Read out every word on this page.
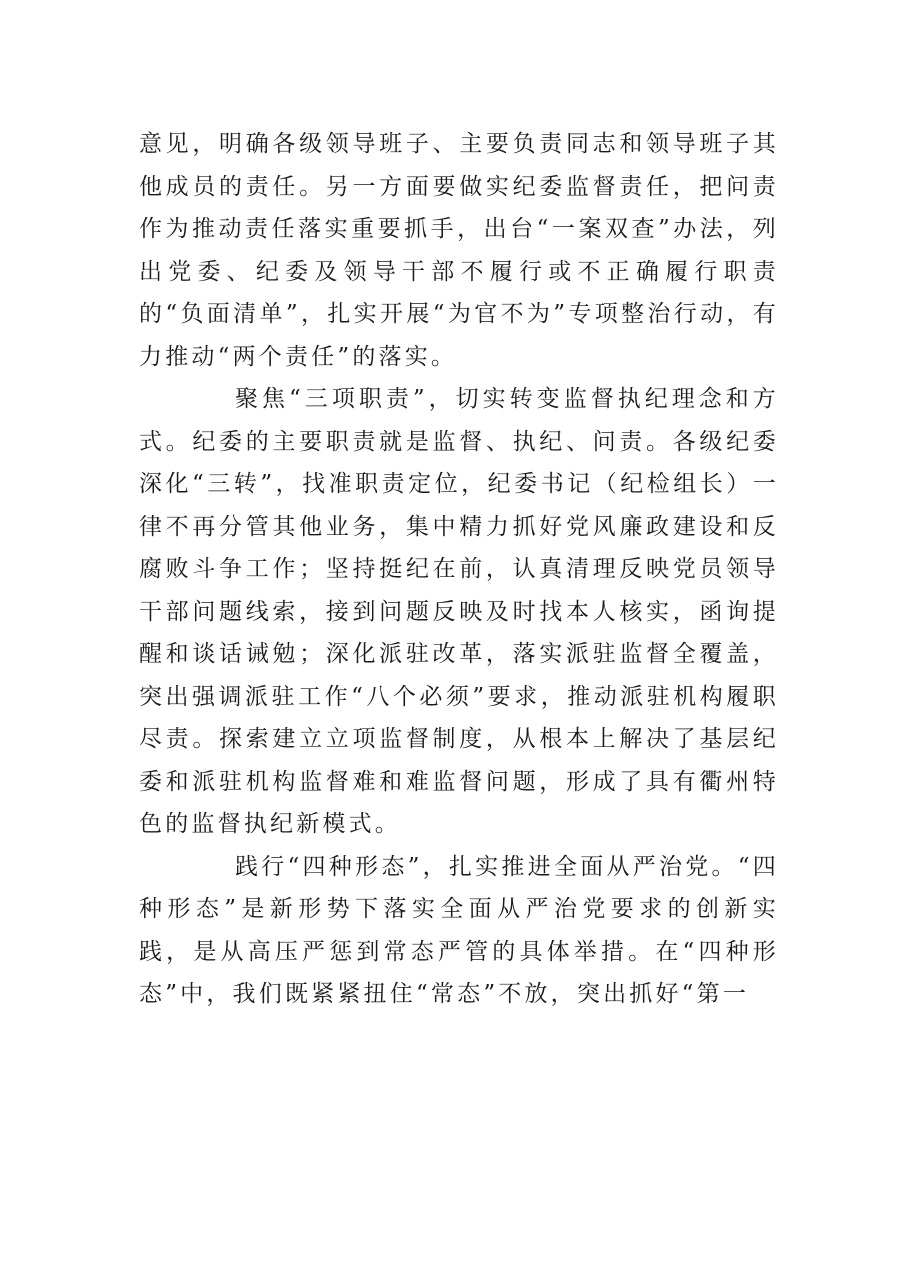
意见，明确各级领导班子、主要负责同志和领导班子其他成员的责任。另一方面要做实纪委监督责任，把问责作为推动责任落实重要抓手，出台“一案双查”办法，列出党委、纪委及领导干部不履行或不正确履行职责的“负面清单”，扎实开展“为官不为”专项整治行动，有力推动“两个责任”的落实。

聚焦“三项职责”，切实转变监督执纪理念和方式。纪委的主要职责就是监督、执纪、问责。各级纪委深化“三转”，找准职责定位，纪委书记（纪检组长）一律不再分管其他业务，集中精力抓好党风廉政建设和反腐败斗争工作；坚持挺纪在前，认真清理反映党员领导干部问题线索，接到问题反映及时找本人核实，函询提醒和谈话诫勉；深化派驻改革，落实派驻监督全覆盖，突出强调派驻工作“八个必须”要求，推动派驻机构履职尽责。探索建立立项监督制度，从根本上解决了基层纪委和派驻机构监督难和难监督问题，形成了具有衢州特色的监督执纪新模式。

践行“四种形态”，扎实推进全面从严治党。“四种形态”是新形势下落实全面从严治党要求的创新实践，是从高压严惩到常态严管的具体举措。在“四种形态”中，我们既紧紧扭住“常态”不放，突出抓好“第一
